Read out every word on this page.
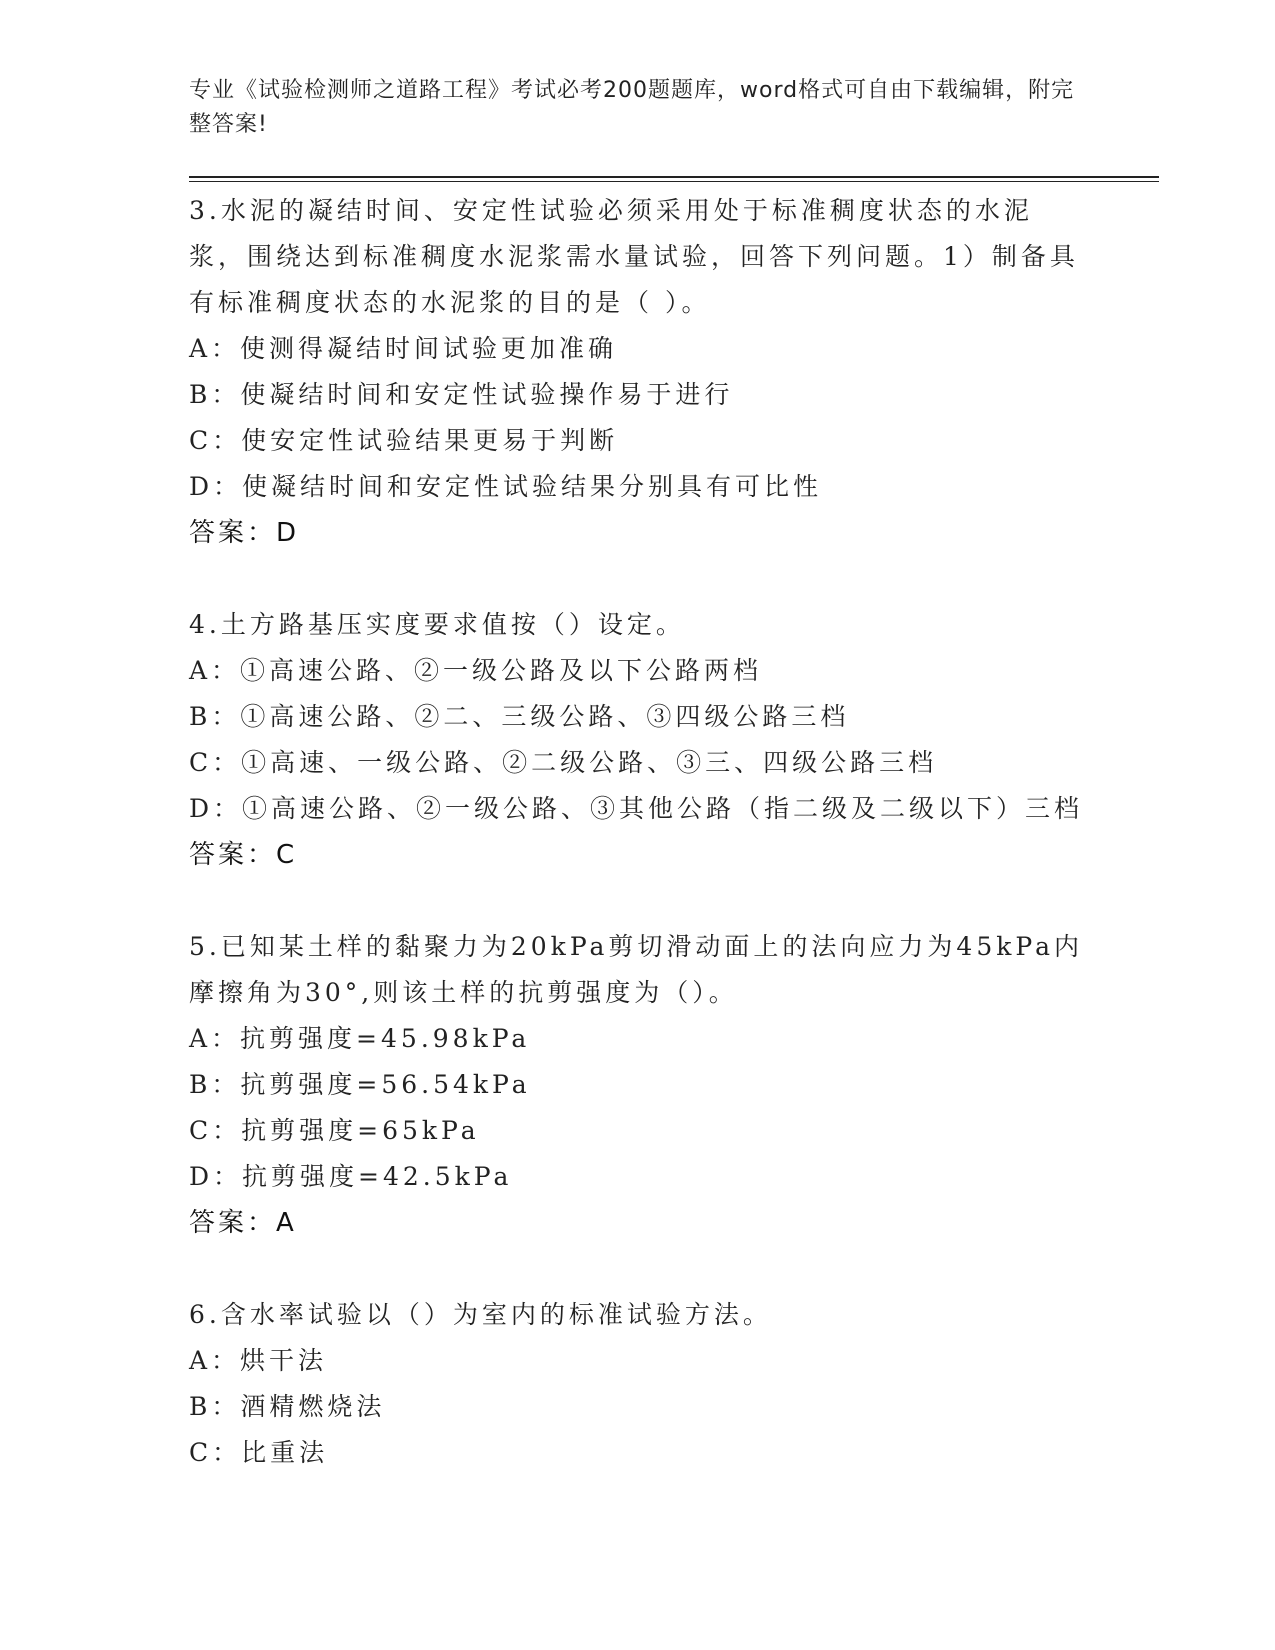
专业《试验检测师之道路工程》考试必考200题题库，word格式可自由下载编辑，附完整答案!
3.水泥的凝结时间、安定性试验必须采用处于标准稠度状态的水泥浆，围绕达到标准稠度水泥浆需水量试验，回答下列问题。1）制备具有标准稠度状态的水泥浆的目的是（ ）。
A：使测得凝结时间试验更加准确
B：使凝结时间和安定性试验操作易于进行
C：使安定性试验结果更易于判断
D：使凝结时间和安定性试验结果分别具有可比性
答案：D
4.土方路基压实度要求值按（）设定。
A：①高速公路、②一级公路及以下公路两档
B：①高速公路、②二、三级公路、③四级公路三档
C：①高速、一级公路、②二级公路、③三、四级公路三档
D：①高速公路、②一级公路、③其他公路（指二级及二级以下）三档
答案：C
5.已知某土样的黏聚力为20kPa剪切滑动面上的法向应力为45kPa内摩擦角为30°,则该土样的抗剪强度为（）。
A：抗剪强度=45.98kPa
B：抗剪强度=56.54kPa
C：抗剪强度=65kPa
D：抗剪强度=42.5kPa
答案：A
6.含水率试验以（）为室内的标准试验方法。
A：烘干法
B：酒精燃烧法
C：比重法
